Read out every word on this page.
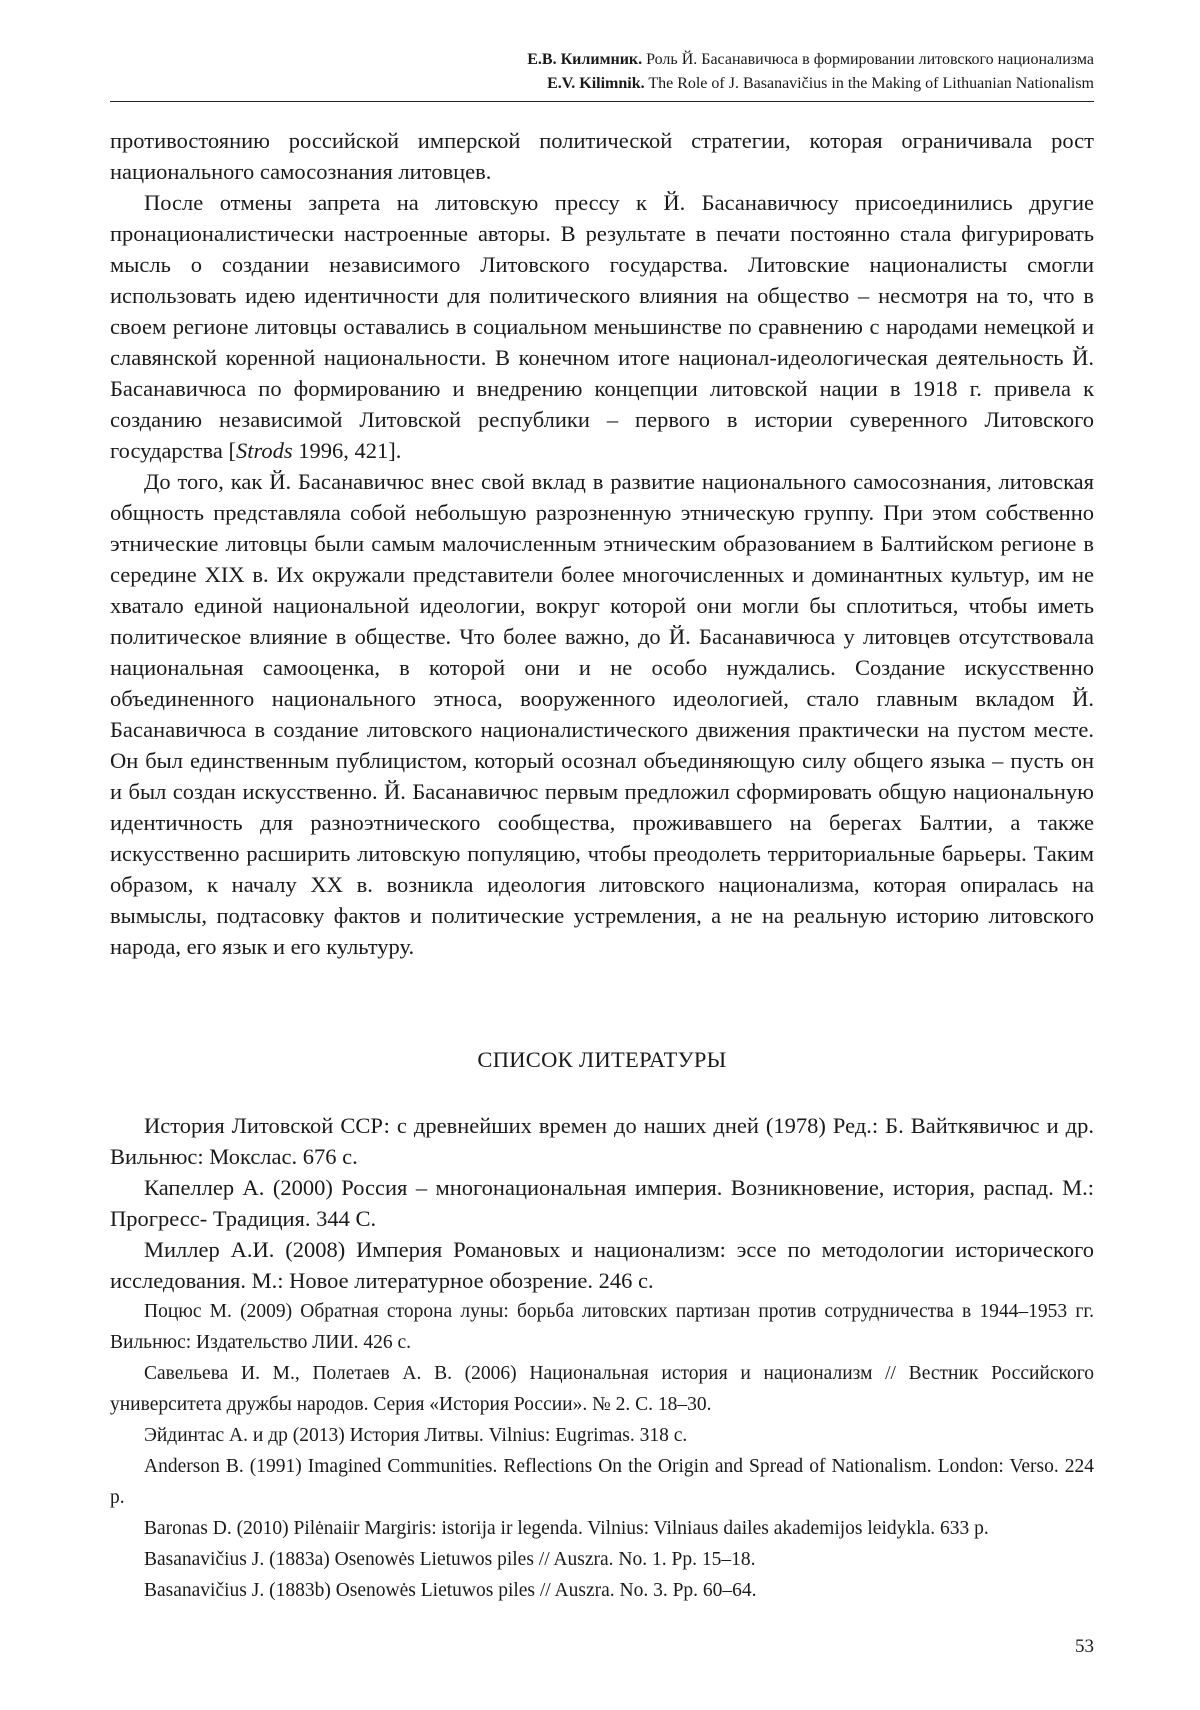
Е.В. Килимник. Роль Й. Басанавичюса в формировании литовского национализма
E.V. Kilimnik. The Role of J. Basanavičius in the Making of Lithuanian Nationalism

противостоянию российской имперской политической стратегии, которая ограничивала рост национального самосознания литовцев.

После отмены запрета на литовскую прессу к Й. Басанавичюсу присоединились другие пронационалистически настроенные авторы. В результате в печати постоянно стала фигурировать мысль о создании независимого Литовского государства. Литовские националисты смогли использовать идею идентичности для политического влияния на общество – несмотря на то, что в своем регионе литовцы оставались в социальном меньшинстве по сравнению с народами немецкой и славянской коренной национальности. В конечном итоге национал-идеологическая деятельность Й. Басанавичюса по формированию и внедрению концепции литовской нации в 1918 г. привела к созданию независимой Литовской республики – первого в истории суверенного Литовского государства [Strods 1996, 421].

До того, как Й. Басанавичюс внес свой вклад в развитие национального самосознания, литовская общность представляла собой небольшую разрозненную этническую группу. При этом собственно этнические литовцы были самым малочисленным этническим образованием в Балтийском регионе в середине XIX в. Их окружали представители более многочисленных и доминантных культур, им не хватало единой национальной идеологии, вокруг которой они могли бы сплотиться, чтобы иметь политическое влияние в обществе. Что более важно, до Й. Басанавичюса у литовцев отсутствовала национальная самооценка, в которой они и не особо нуждались. Создание искусственно объединенного национального этноса, вооруженного идеологией, стало главным вкладом Й. Басанавичюса в создание литовского националистического движения практически на пустом месте. Он был единственным публицистом, который осознал объединяющую силу общего языка – пусть он и был создан искусственно. Й. Басанавичюс первым предложил сформировать общую национальную идентичность для разноэтнического сообщества, проживавшего на берегах Балтии, а также искусственно расширить литовскую популяцию, чтобы преодолеть территориальные барьеры. Таким образом, к началу XX в. возникла идеология литовского национализма, которая опиралась на вымыслы, подтасовку фактов и политические устремления, а не на реальную историю литовского народа, его язык и его культуру.

СПИСОК ЛИТЕРАТУРЫ

История Литовской ССР: с древнейших времен до наших дней (1978) Ред.: Б. Вайткявичюс и др. Вильнюс: Мокслас. 676 с.

Капеллер А. (2000) Россия – многонациональная империя. Возникновение, история, распад. М.: Прогресс- Традиция. 344 С.

Миллер А.И. (2008) Империя Романовых и национализм: эссе по методологии исторического исследования. М.: Новое литературное обозрение. 246 с.

Поцюс М. (2009) Обратная сторона луны: борьба литовских партизан против сотрудничества в 1944–1953 гг. Вильнюс: Издательство ЛИИ. 426 с.

Савельева И. М., Полетаев А. В. (2006) Национальная история и национализм // Вестник Российского университета дружбы народов. Серия «История России». № 2. С. 18–30.

Эйдинтас А. и др (2013) История Литвы. Vilnius: Eugrimas. 318 с.

Anderson B. (1991) Imagined Communities. Reflections On the Origin and Spread of Nationalism. London: Verso. 224 p.

Baronas D. (2010) Pilėnaiir Margiris: istorija ir legenda. Vilnius: Vilniaus dailes akademijos leidykla. 633 p.

Basanavičius J. (1883a) Osenowės Lietuwos piles // Auszra. No. 1. Pp. 15–18.

Basanavičius J. (1883b) Osenowės Lietuwos piles // Auszra. No. 3. Pp. 60–64.

53
